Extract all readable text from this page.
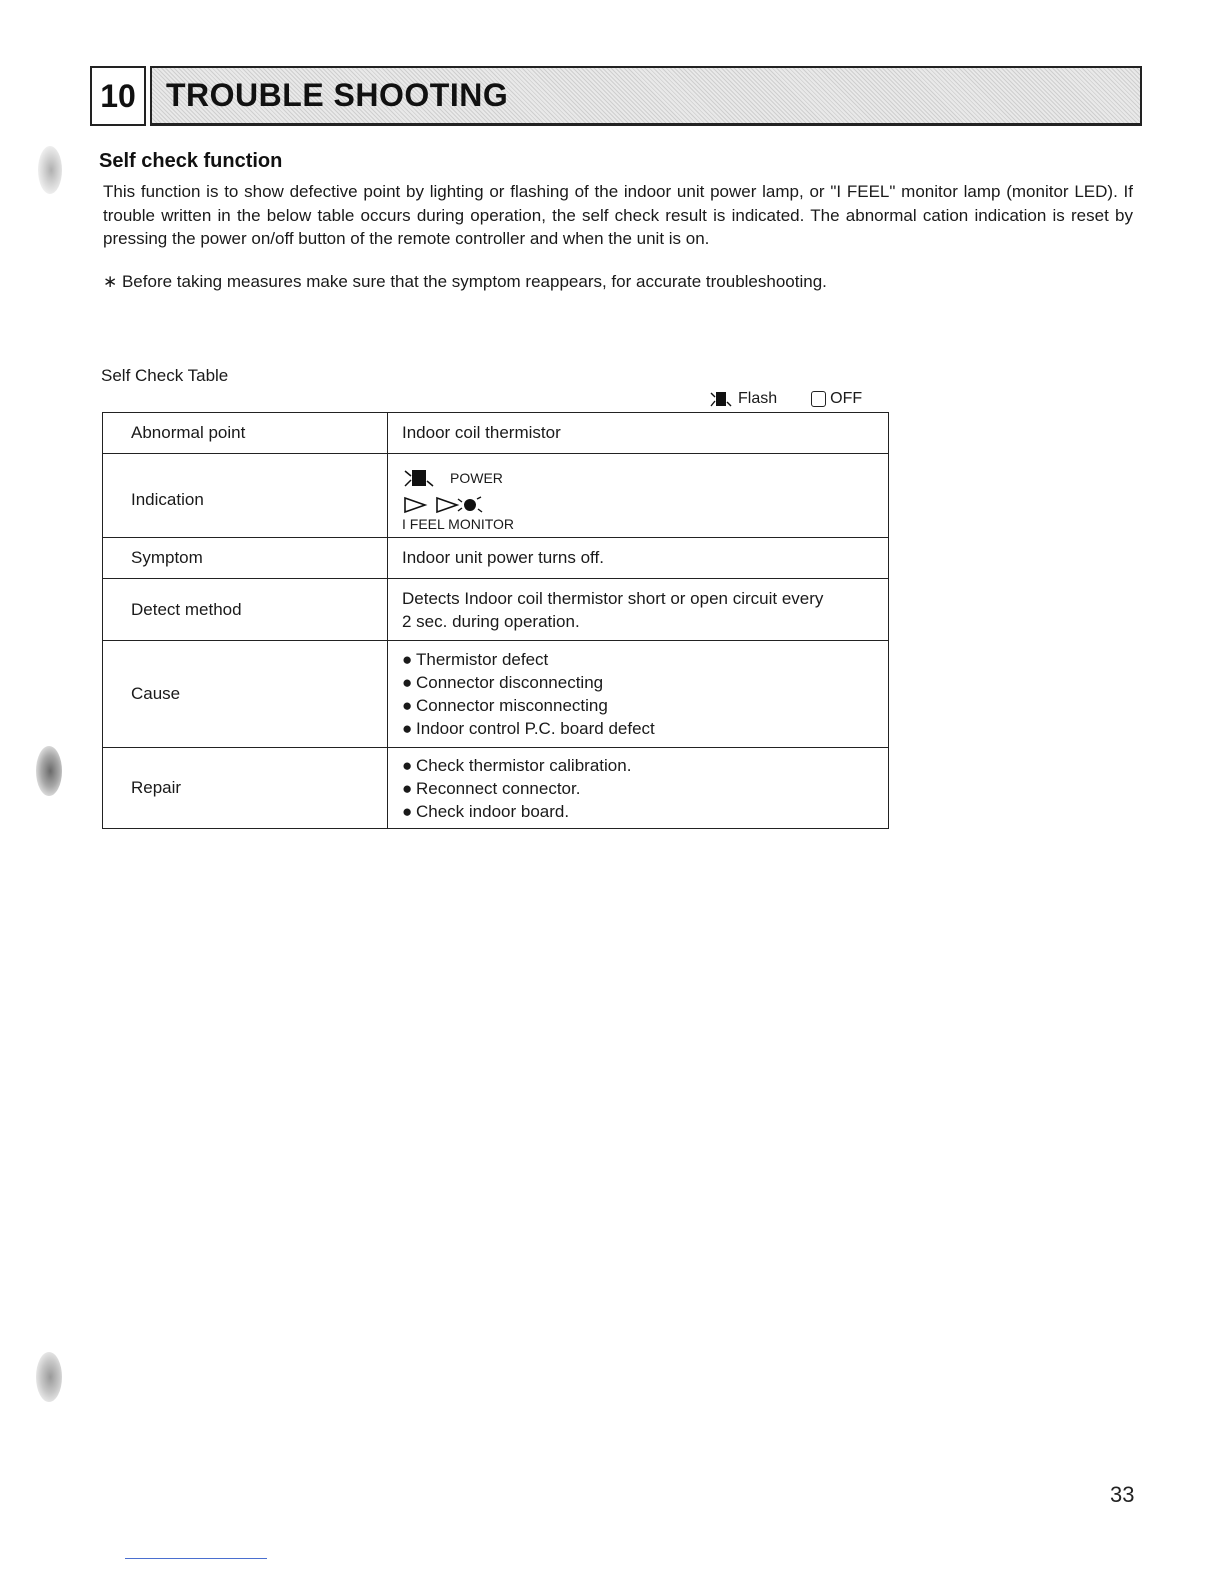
10 TROUBLE SHOOTING
Self check function
This function is to show defective point by lighting or flashing of the indoor unit power lamp, or "I FEEL" monitor lamp (monitor LED). If trouble written in the below table occurs during operation, the self check result is indicated. The abnormal cation indication is reset by pressing the power on/off button of the remote controller and when the unit is on.
∗ Before taking measures make sure that the symptom reappears, for accurate troubleshooting.
Self Check Table
Flash	OFF
Abnormal point	Indoor coil thermistor
Indication	POWER
I FEEL MONITOR

Symptom	Indoor unit power turns off.
Detect method	Detects Indoor coil thermistor short or open circuit every
2 sec. during operation.

Cause	● Thermistor defect
● Connector disconnecting
● Connector misconnecting
● Indoor control P.C. board defect

Repair	● Check thermistor calibration.
● Reconnect connector.
● Check indoor board.
33
